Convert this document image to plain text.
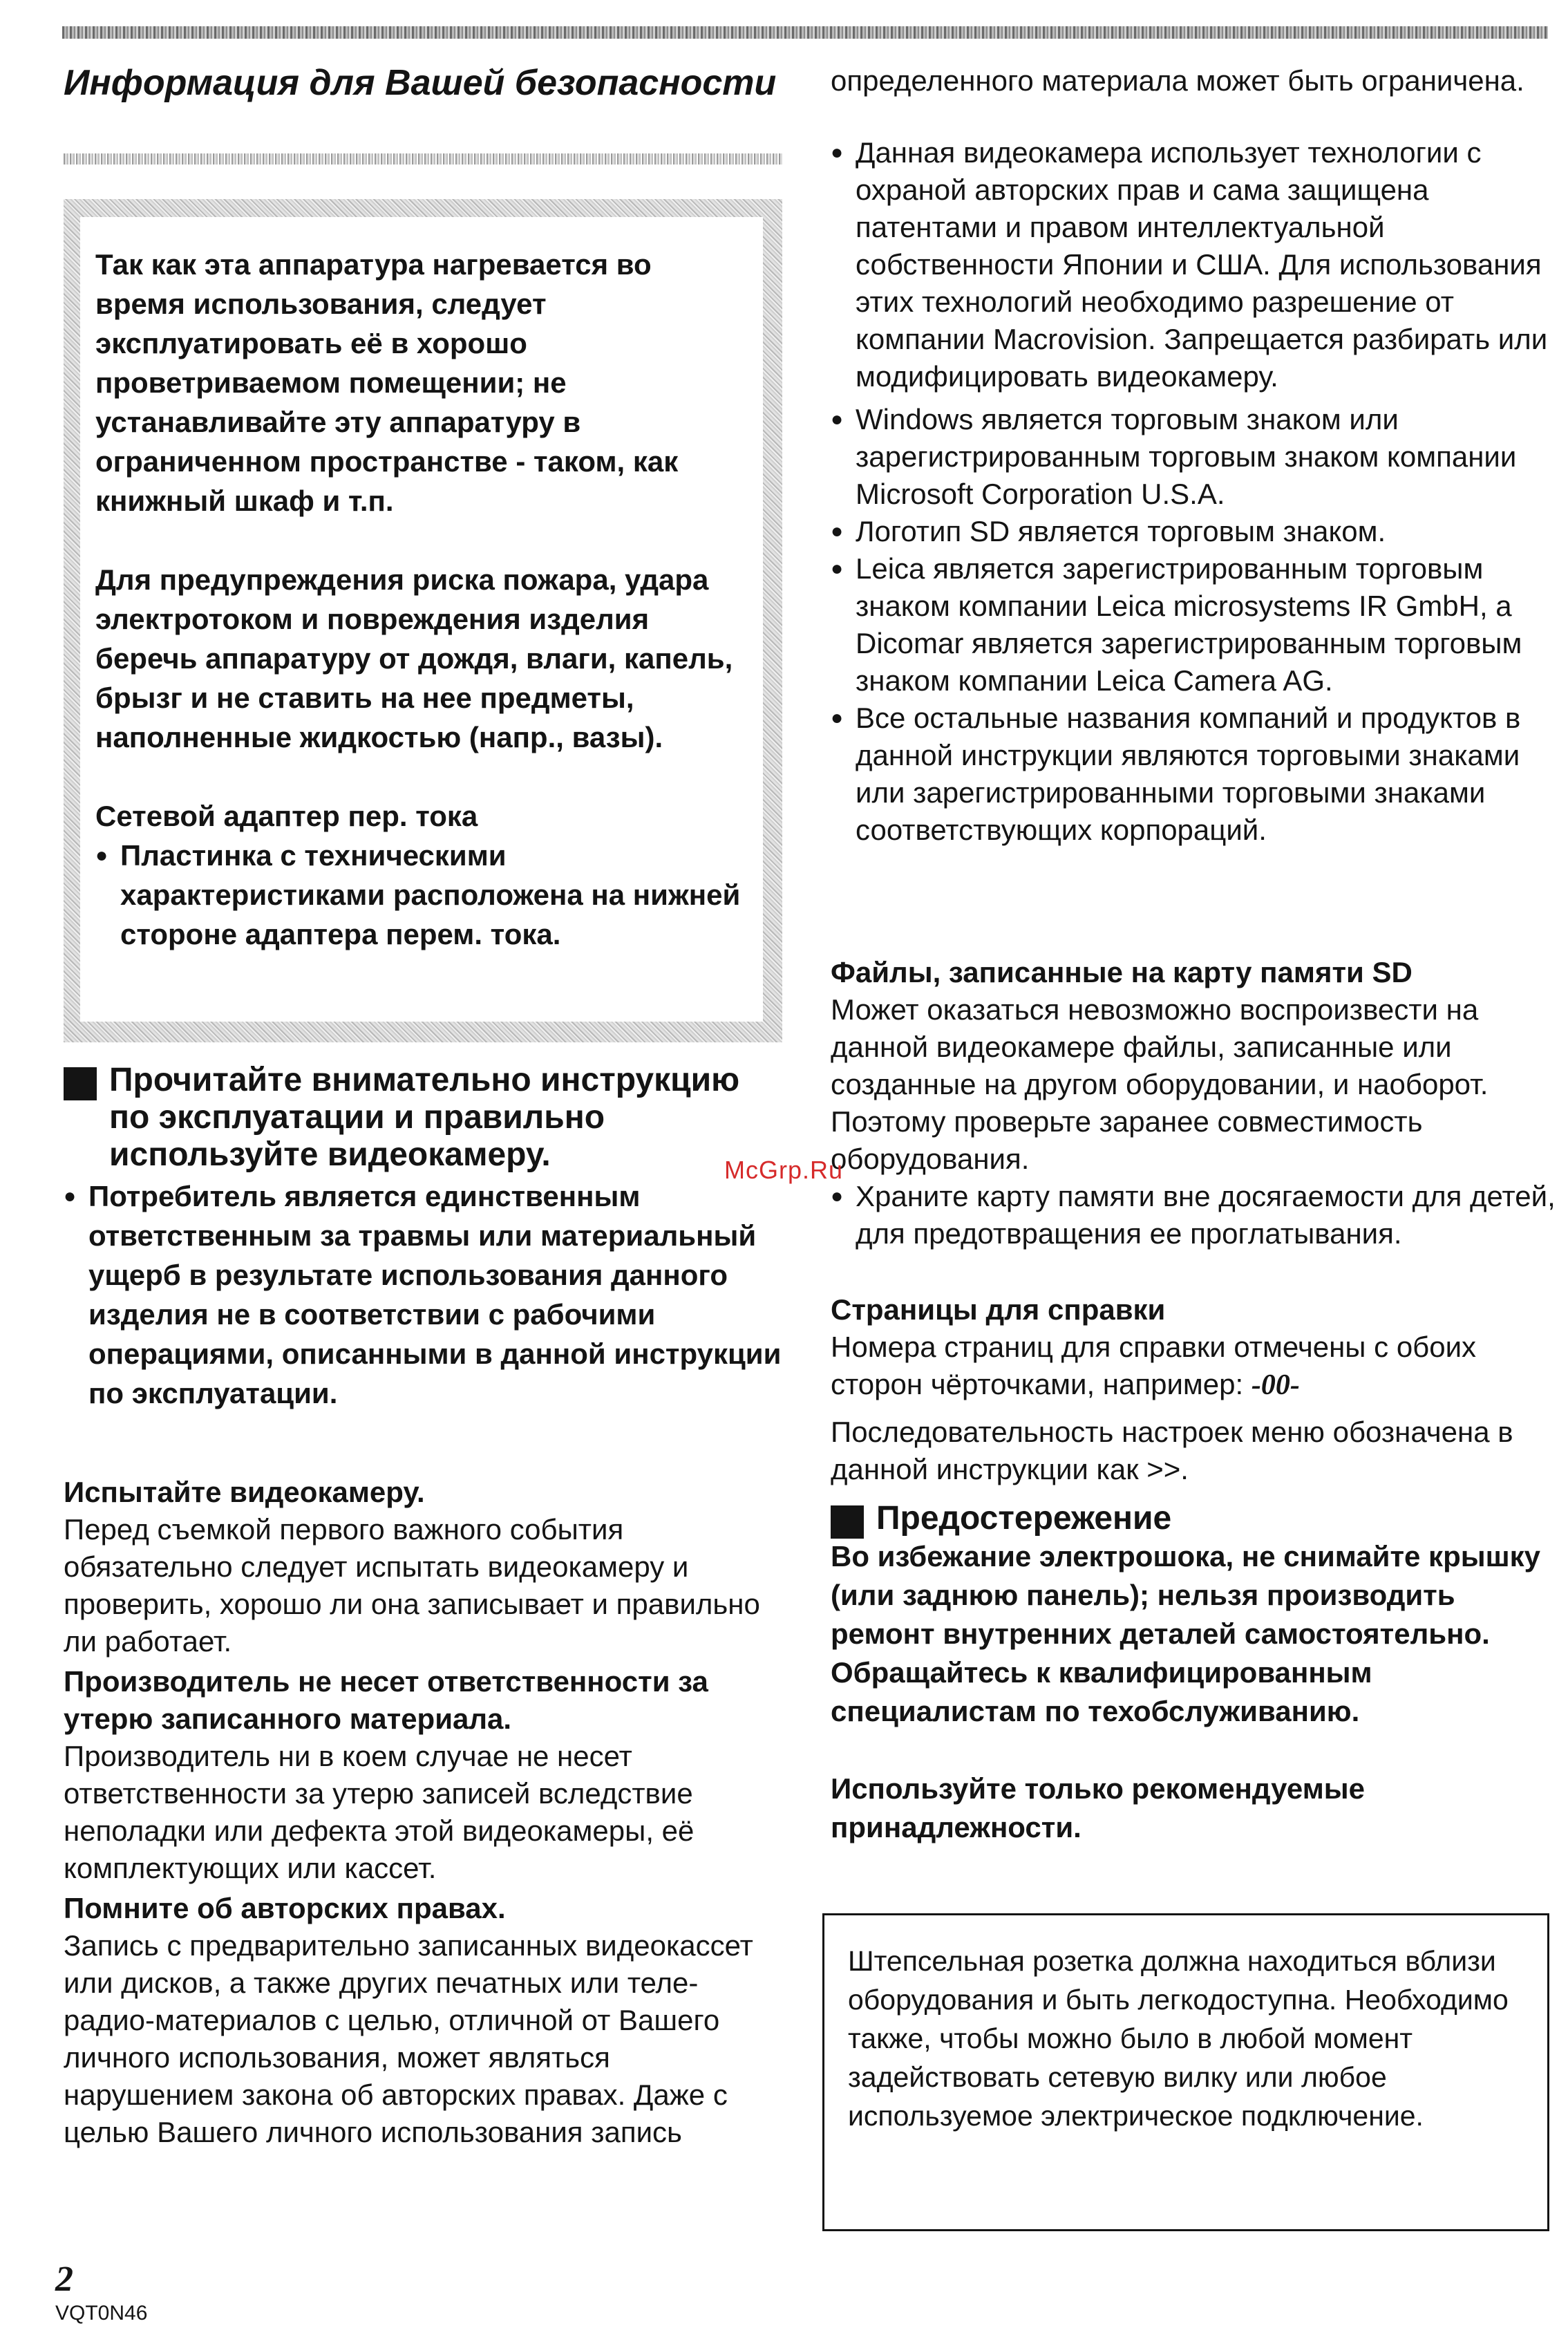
Информация для Вашей безопасности

Так как эта аппаратура нагревается во время использования, следует эксплуатировать её в хорошо проветриваемом помещении; не устанавливайте эту аппаратуру в ограниченном пространстве - таком, как книжный шкаф и т.п.

Для предупреждения риска пожара, удара электротоком и повреждения изделия беречь аппаратуру от дождя, влаги, капель, брызг и не ставить на нее предметы, наполненные жидкостью (напр., вазы).

Сетевой адаптер пер. тока

● Пластинка с техническими характеристиками расположена на нижней стороне адаптера перем. тока.

Прочитайте внимательно инструкцию по эксплуатации и правильно используйте видеокамеру.

● Потребитель является единственным ответственным за травмы или материальный ущерб в результате использования данного изделия не в соответствии с рабочими операциями, описанными в данной инструкции по эксплуатации.

Испытайте видеокамеру.

Перед съемкой первого важного события обязательно следует испытать видеокамеру и проверить, хорошо ли она записывает и правильно ли работает.

Производитель не несет ответственности за утерю записанного материала.

Производитель ни в коем случае не несет ответственности за утерю записей вследствие неполадки или дефекта этой видеокамеры, её комплектующих или кассет.

Помните об авторских правах.

Запись с предварительно записанных видеокассет или дисков, а также других печатных или теле-радио-материалов с целью, отличной от Вашего личного использования, может являться нарушением закона об авторских правах. Даже с целью Вашего личного использования запись

определенного материала может быть ограничена.

● Данная видеокамера использует технологии с охраной авторских прав и сама защищена патентами и правом интеллектуальной собственности Японии и США. Для использования этих технологий необходимо разрешение от компании Macrovision. Запрещается разбирать или модифицировать видеокамеру.

● Windows является торговым знаком или зарегистрированным торговым знаком компании Microsoft Corporation U.S.A.

● Логотип SD является торговым знаком.

● Leica является зарегистрированным торговым знаком компании Leica microsystems IR GmbH, а Dicomar является зарегистрированным торговым знаком компании Leica Camera AG.

● Все остальные названия компаний и продуктов в данной инструкции являются торговыми знаками или зарегистрированными торговыми знаками соответствующих корпораций.

Файлы, записанные на карту памяти SD

Может оказаться невозможно воспроизвести на данной видеокамере файлы, записанные или созданные на другом оборудовании, и наоборот. Поэтому проверьте заранее совместимость оборудования.

● Храните карту памяти вне досягаемости для детей, для предотвращения ее проглатывания.

Страницы для справки

Номера страниц для справки отмечены с обоих сторон чёрточками, например: -00-

Последовательность настроек меню обозначена в данной инструкции как >>.

Предостережение

Во избежание электрошока, не снимайте крышку (или заднюю панель); нельзя производить ремонт внутренних деталей самостоятельно.

Обращайтесь к квалифицированным специалистам по техобслуживанию.

Используйте только рекомендуемые принадлежности.

Штепсельная розетка должна находиться вблизи оборудования и быть легкодоступна. Необходимо также, чтобы можно было в любой момент задействовать сетевую вилку или любое используемое электрическое подключение.

McGrp.Ru
2
VQT0N46
